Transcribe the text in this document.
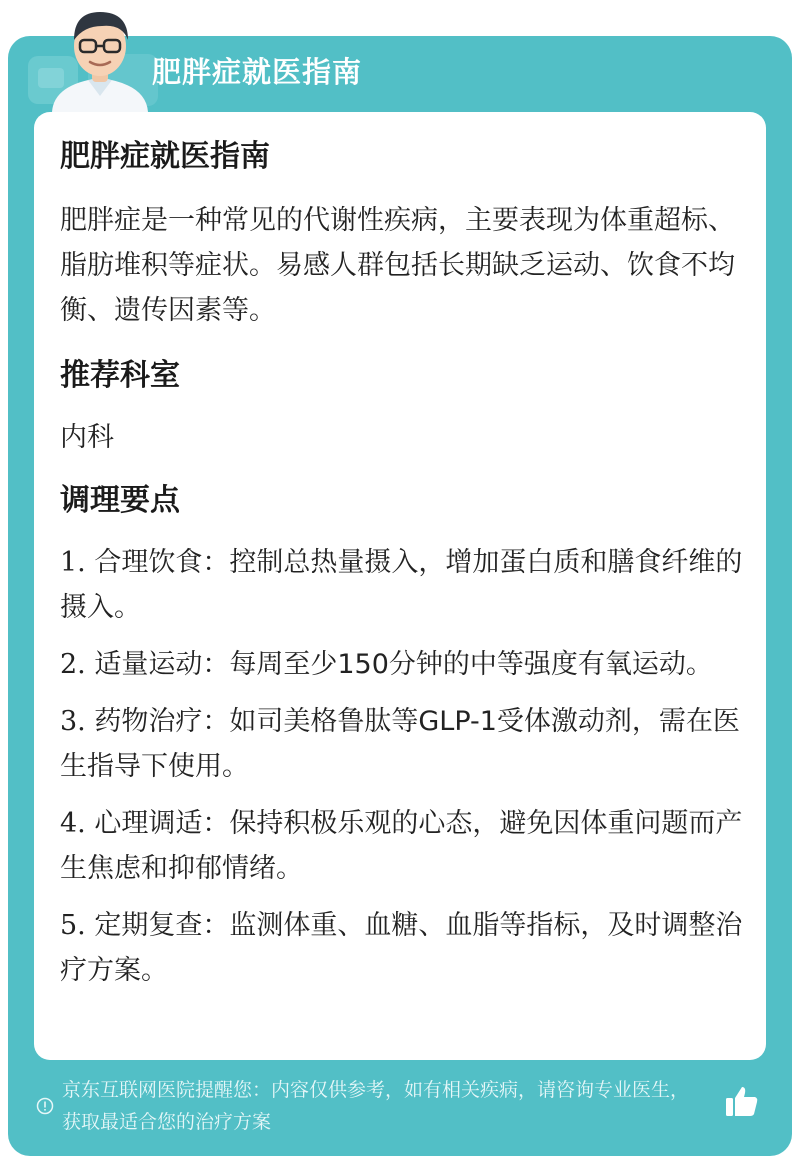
肥胖症就医指南
肥胖症就医指南
肥胖症是一种常见的代谢性疾病，主要表现为体重超标、脂肪堆积等症状。易感人群包括长期缺乏运动、饮食不均衡、遗传因素等。
推荐科室
内科
调理要点
1. 合理饮食：控制总热量摄入，增加蛋白质和膳食纤维的摄入。
2. 适量运动：每周至少150分钟的中等强度有氧运动。
3. 药物治疗：如司美格鲁肽等GLP-1受体激动剂，需在医生指导下使用。
4. 心理调适：保持积极乐观的心态，避免因体重问题而产生焦虑和抑郁情绪。
5. 定期复查：监测体重、血糖、血脂等指标，及时调整治疗方案。
京东互联网医院提醒您：内容仅供参考，如有相关疾病，请咨询专业医生，获取最适合您的治疗方案
